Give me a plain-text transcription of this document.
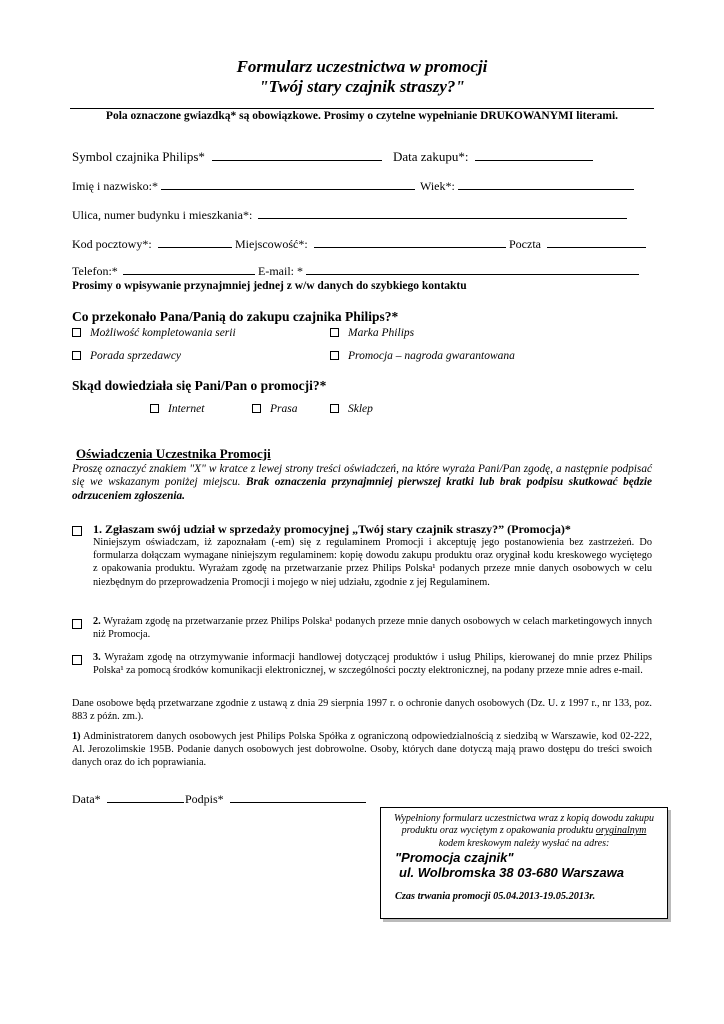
Formularz uczestnictwa w promocji
"Twój stary czajnik straszy?"
Pola oznaczone gwiazdką* są obowiązkowe. Prosimy o czytelne wypełnianie DRUKOWANYMI literami.
Symbol czajnika Philips*	Data zakupu*:
Imię i nazwisko:*	Wiek*:
Ulica, numer budynku i mieszkania*:
Kod pocztowy*:	Miejscowość*:	Poczta
Telefon:*	E-mail: *
Prosimy o wpisywanie przynajmniej jednej z w/w danych do szybkiego kontaktu
Co przekonało Pana/Panią do zakupu czajnika Philips?*
Możliwość kompletowania serii	Marka Philips
Porada sprzedawcy	Promocja – nagroda gwarantowana
Skąd dowiedziała się Pani/Pan o promocji?*
Internet	Prasa	Sklep
Oświadczenia Uczestnika Promocji
Proszę oznaczyć znakiem "X" w kratce z lewej strony treści oświadczeń, na które wyraża Pani/Pan zgodę, a następnie podpisać się we wskazanym poniżej miejscu. Brak oznaczenia przynajmniej pierwszej kratki lub brak podpisu skutkować będzie odrzuceniem zgłoszenia.
1. Zgłaszam swój udział w sprzedaży promocyjnej „Twój stary czajnik straszy?” (Promocja)*
Niniejszym oświadczam, iż zapoznałam (-em) się z regulaminem Promocji i akceptuję jego postanowienia bez zastrzeżeń. Do formularza dołączam wymagane niniejszym regulaminem: kopię dowodu zakupu produktu oraz oryginał kodu kreskowego wyciętego z opakowania produktu. Wyrażam zgodę na przetwarzanie przez Philips Polska¹ podanych przeze mnie danych osobowych w celu niezbędnym do przeprowadzenia Promocji i mojego w niej udziału, zgodnie z jej Regulaminem.
2. Wyrażam zgodę na przetwarzanie przez Philips Polska¹ podanych przeze mnie danych osobowych w celach marketingowych innych niż Promocja.
3. Wyrażam zgodę na otrzymywanie informacji handlowej dotyczącej produktów i usług Philips, kierowanej do mnie przez Philips Polska¹ za pomocą środków komunikacji elektronicznej, w szczególności poczty elektronicznej, na podany przeze mnie adres e-mail.
Dane osobowe będą przetwarzane zgodnie z ustawą z dnia 29 sierpnia 1997 r. o ochronie danych osobowych (Dz. U. z 1997 r., nr 133, poz. 883 z późn. zm.).
1) Administratorem danych osobowych jest Philips Polska Spółka z ograniczoną odpowiedzialnością z siedzibą w Warszawie, kod 02-222, Al. Jerozolimskie 195B. Podanie danych osobowych jest dobrowolne. Osoby, których dane dotyczą mają prawo dostępu do treści swoich danych oraz do ich poprawiania.
Data*	Podpis*
Wypełniony formularz uczestnictwa wraz z kopią dowodu zakupu produktu oraz wyciętym z opakowania produktu oryginalnym kodem kreskowym należy wysłać na adres:
"Promocja czajnik"
ul. Wolbromska 38 03-680 Warszawa
Czas trwania promocji 05.04.2013-19.05.2013r.
